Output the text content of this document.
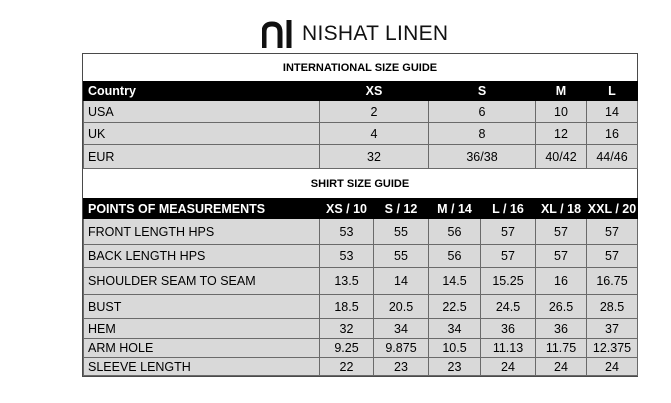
NISHAT LINEN
INTERNATIONAL SIZE GUIDE
Country	XS	S	M	L
USA	2	6	10	14
UK	4	8	12	16
EUR	32	36/38	40/42	44/46
SHIRT SIZE GUIDE
POINTS OF MEASUREMENTS	XS / 10	S / 12	M / 14	L / 16	XL / 18	XXL / 20
FRONT LENGTH HPS	53	55	56	57	57	57
BACK LENGTH HPS	53	55	56	57	57	57
SHOULDER SEAM TO SEAM	13.5	14	14.5	15.25	16	16.75
BUST	18.5	20.5	22.5	24.5	26.5	28.5
HEM	32	34	34	36	36	37
ARM HOLE	9.25	9.875	10.5	11.13	11.75	12.375
SLEEVE LENGTH	22	23	23	24	24	24
